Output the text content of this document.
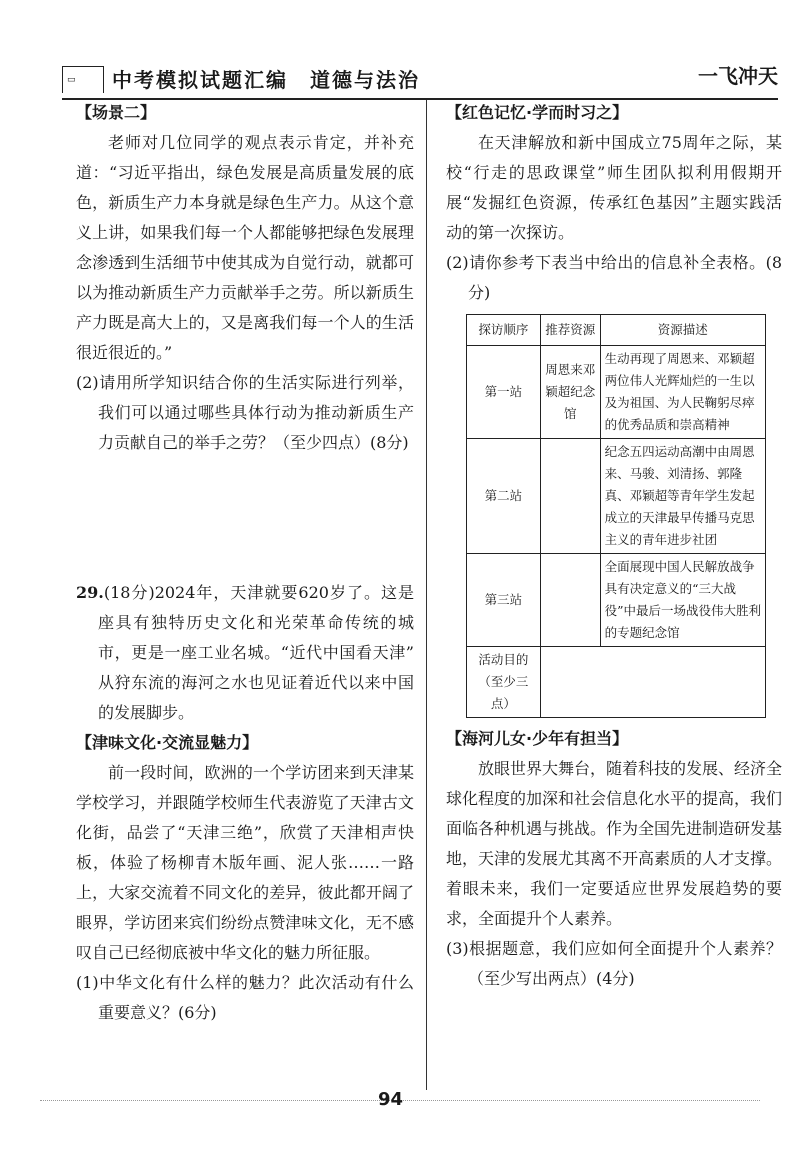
▭ 中考模拟试题汇编　道德与法治	一飞冲天
【场景二】

老师对几位同学的观点表示肯定，并补充道：“习近平指出，绿色发展是高质量发展的底色，新质生产力本身就是绿色生产力。从这个意义上讲，如果我们每一个人都能够把绿色发展理念渗透到生活细节中使其成为自觉行动，就都可以为推动新质生产力贡献举手之劳。所以新质生产力既是高大上的，又是离我们每一个人的生活很近很近的。”

(2)请用所学知识结合你的生活实际进行列举，我们可以通过哪些具体行动为推动新质生产力贡献自己的举手之劳？（至少四点）(8分)

29.(18分)2024年，天津就要620岁了。这是座具有独特历史文化和光荣革命传统的城市，更是一座工业名城。“近代中国看天津”　从狩东流的海河之水也见证着近代以来中国的发展脚步。

【津味文化·交流显魅力】

前一段时间，欧洲的一个学访团来到天津某学校学习，并跟随学校师生代表游览了天津古文化街，品尝了“天津三绝”，欣赏了天津相声快板，体验了杨柳青木版年画、泥人张……一路上，大家交流着不同文化的差异，彼此都开阔了眼界，学访团来宾们纷纷点赞津味文化，无不感叹自己已经彻底被中华文化的魅力所征服。

(1)中华文化有什么样的魅力？此次活动有什么重要意义？(6分)

【红色记忆·学而时习之】

在天津解放和新中国成立75周年之际，某校“行走的思政课堂”师生团队拟利用假期开展“发掘红色资源，传承红色基因”主题实践活动的第一次探访。

(2)请你参考下表当中给出的信息补全表格。(8分)

探访顺序	推荐资源	资源描述
第一站	周恩来邓颖超纪念馆	生动再现了周恩来、邓颖超两位伟人光辉灿烂的一生以及为祖国、为人民鞠躬尽瘁的优秀品质和崇高精神
第二站		纪念五四运动高潮中由周恩来、马骏、刘清扬、郭隆真、邓颖超等青年学生发起成立的天津最早传播马克思主义的青年进步社团
第三站		全面展现中国人民解放战争具有决定意义的“三大战役”中最后一场战役伟大胜利的专题纪念馆
活动目的（至少三点）		
【海河儿女·少年有担当】

放眼世界大舞台，随着科技的发展、经济全球化程度的加深和社会信息化水平的提高，我们面临各种机遇与挑战。作为全国先进制造研发基地，天津的发展尤其离不开高素质的人才支撑。着眼未来，我们一定要适应世界发展趋势的要求，全面提升个人素养。

(3)根据题意，我们应如何全面提升个人素养？（至少写出两点）(4分)

94
